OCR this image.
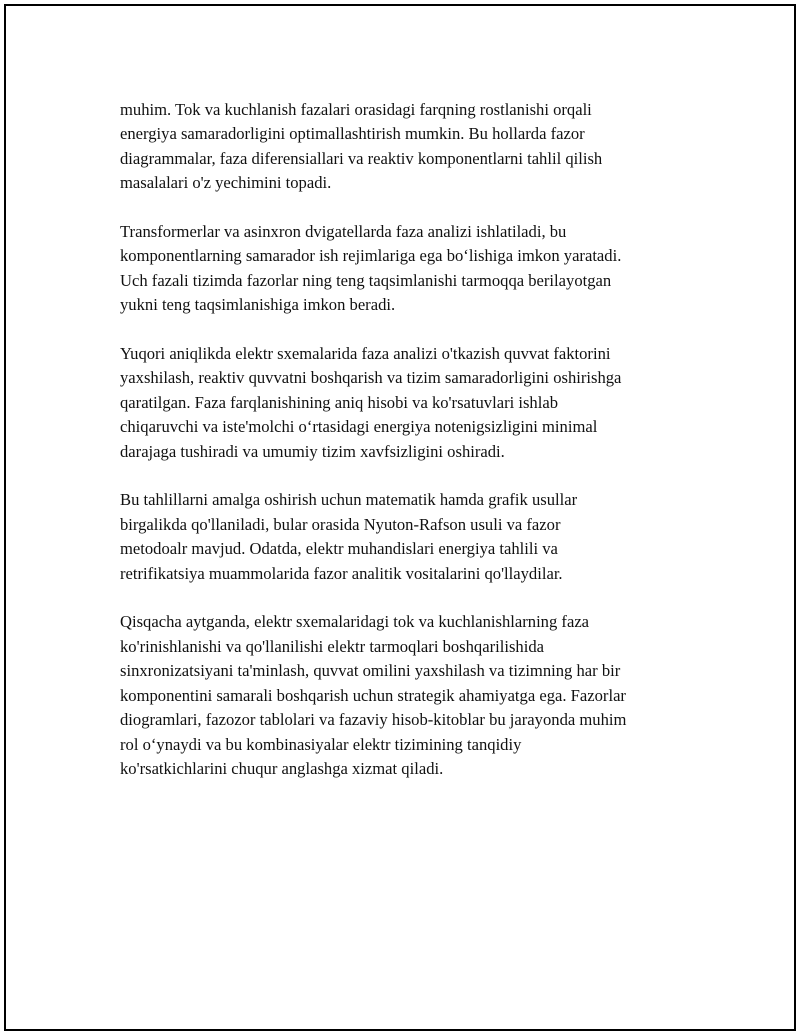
muhim. Tok va kuchlanish fazalari orasidagi farqning rostlanishi orqali
energiya samaradorligini optimallashtirish mumkin. Bu hollarda fazor
diagrammalar, faza diferensiallari va reaktiv komponentlarni tahlil qilish
masalalari o'z yechimini topadi.

Transformerlar va asinxron dvigatellarda faza analizi ishlatiladi, bu
komponentlarning samarador ish rejimlariga ega bo‘lishiga imkon yaratadi.
Uch fazali tizimda fazorlar ning teng taqsimlanishi tarmoqqa berilayotgan
yukni teng taqsimlanishiga imkon beradi.

Yuqori aniqlikda elektr sxemalarida faza analizi o'tkazish quvvat faktorini
yaxshilash, reaktiv quvvatni boshqarish va tizim samaradorligini oshirishga
qaratilgan. Faza farqlanishining aniq hisobi va ko'rsatuvlari ishlab
chiqaruvchi va iste'molchi o‘rtasidagi energiya notenigsizligini minimal
darajaga tushiradi va umumiy tizim xavfsizligini oshiradi.

Bu tahlillarni amalga oshirish uchun matematik hamda grafik usullar
birgalikda qo'llaniladi, bular orasida Nyuton-Rafson usuli va fazor
metodoalr mavjud. Odatda, elektr muhandislari energiya tahlili va
retrifikatsiya muammolarida fazor analitik vositalarini qo'llaydilar.

Qisqacha aytganda, elektr sxemalaridagi tok va kuchlanishlarning faza
ko'rinishlanishi va qo'llanilishi elektr tarmoqlari boshqarilishida
sinxronizatsiyani ta'minlash, quvvat omilini yaxshilash va tizimning har bir
komponentini samarali boshqarish uchun strategik ahamiyatga ega. Fazorlar
diogramlari, fazozor tablolari va fazaviy hisob-kitoblar bu jarayonda muhim
rol o‘ynaydi va bu kombinasiyalar elektr tizimining tanqidiy
ko'rsatkichlarini chuqur anglashga xizmat qiladi.
